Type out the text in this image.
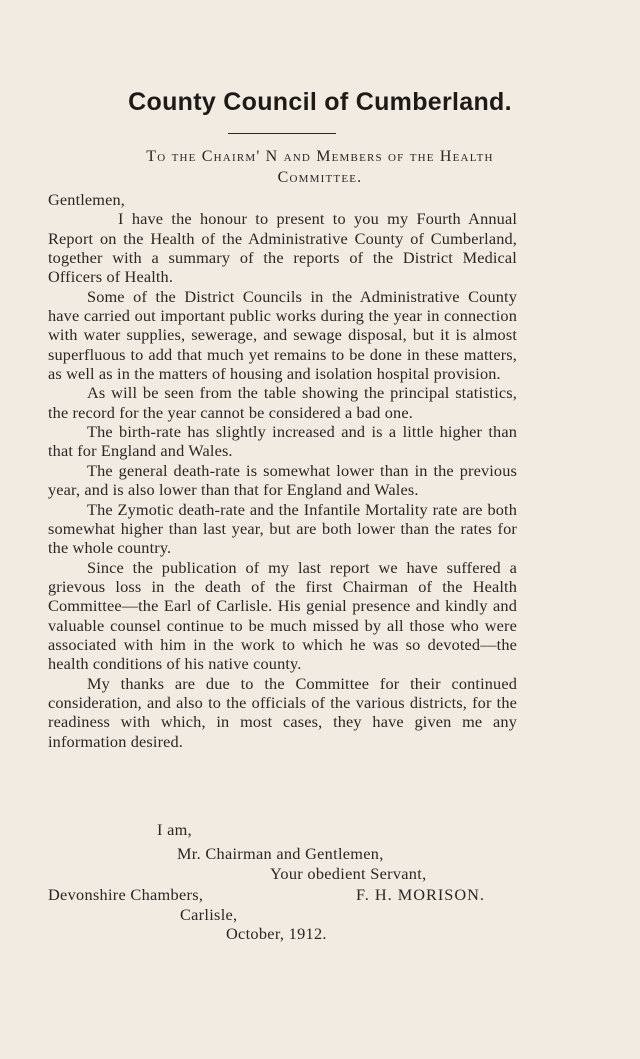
County Council of Cumberland.
To the Chairm' N and Members of the Health
Committee.

Gentlemen,

I have the honour to present to you my Fourth Annual Report on the Health of the Administrative County of Cumberland, together with a summary of the reports of the District Medical Officers of Health.

Some of the District Councils in the Administrative County have carried out important public works during the year in connection with water supplies, sewerage, and sewage disposal, but it is almost superfluous to add that much yet remains to be done in these matters, as well as in the matters of housing and isolation hospital provision.

As will be seen from the table showing the principal statistics, the record for the year cannot be considered a bad one.

The birth-rate has slightly increased and is a little higher than that for England and Wales.

The general death-rate is somewhat lower than in the previous year, and is also lower than that for England and Wales.

The Zymotic death-rate and the Infantile Mortality rate are both somewhat higher than last year, but are both lower than the rates for the whole country.

Since the publication of my last report we have suffered a grievous loss in the death of the first Chairman of the Health Committee—the Earl of Carlisle. His genial presence and kindly and valuable counsel continue to be much missed by all those who were associated with him in the work to which he was so devoted—the health conditions of his native county.

My thanks are due to the Committee for their continued consideration, and also to the officials of the various districts, for the readiness with which, in most cases, they have given me any information desired.

I am,
Mr. Chairman and Gentlemen,
Your obedient Servant,
Devonshire Chambers,	F. H. MORISON.
Carlisle,
October, 1912.
